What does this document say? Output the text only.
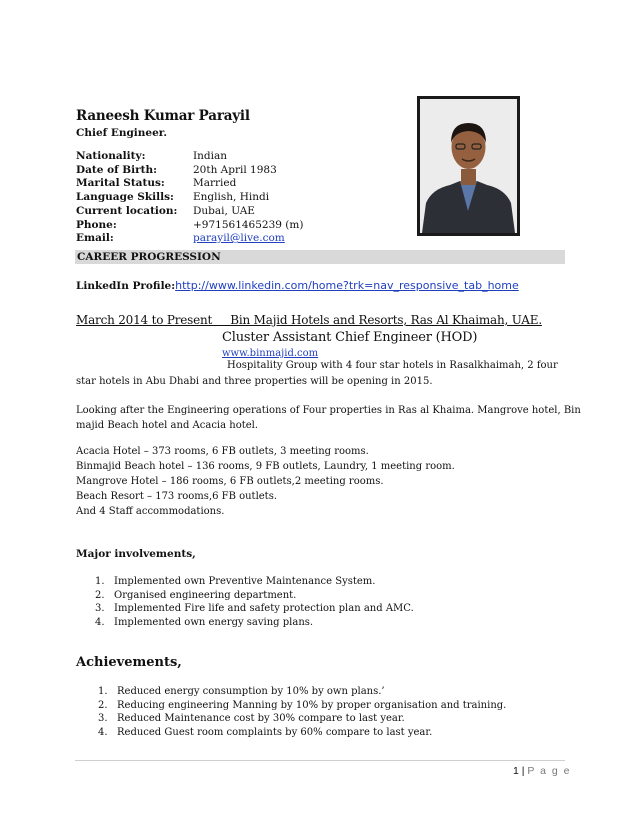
Raneesh Kumar Parayil
Chief Engineer.
Nationality:	Indian
Date of Birth:	20th April 1983
Marital Status:	Married
Language Skills:	English, Hindi
Current location:	Dubai, UAE
Phone:	+971561465239 (m)
Email:	parayil@live.com
CAREER PROGRESSION
LinkedIn Profile:http://www.linkedin.com/home?trk=nav_responsive_tab_home
March 2014 to Present     Bin Majid Hotels and Resorts, Ras Al Khaimah, UAE.
Cluster Assistant Chief Engineer (HOD)
www.binmajid.com
Hospitality Group with 4 four star hotels in Rasalkhaimah, 2 four
star hotels in Abu Dhabi and three properties will be opening in 2015.
Looking after the Engineering operations of Four properties in Ras al Khaima. Mangrove hotel, Bin
majid Beach hotel and Acacia hotel.
Acacia Hotel – 373 rooms, 6 FB outlets, 3 meeting rooms.
Binmajid Beach hotel – 136 rooms, 9 FB outlets, Laundry, 1 meeting room.
Mangrove Hotel – 186 rooms, 6 FB outlets,2 meeting rooms.
Beach Resort – 173 rooms,6 FB outlets.
And 4 Staff accommodations.
Major involvements,
1. Implemented own Preventive Maintenance System.
2. Organised engineering department.
3. Implemented Fire life and safety protection plan and AMC.
4. Implemented own energy saving plans.
Achievements,
1. Reduced energy consumption by 10% by own plans.’
2. Reducing engineering Manning by 10% by proper organisation and training.
3. Reduced Maintenance cost by 30% compare to last year.
4. Reduced Guest room complaints by 60% compare to last year.
1 | P a g e
